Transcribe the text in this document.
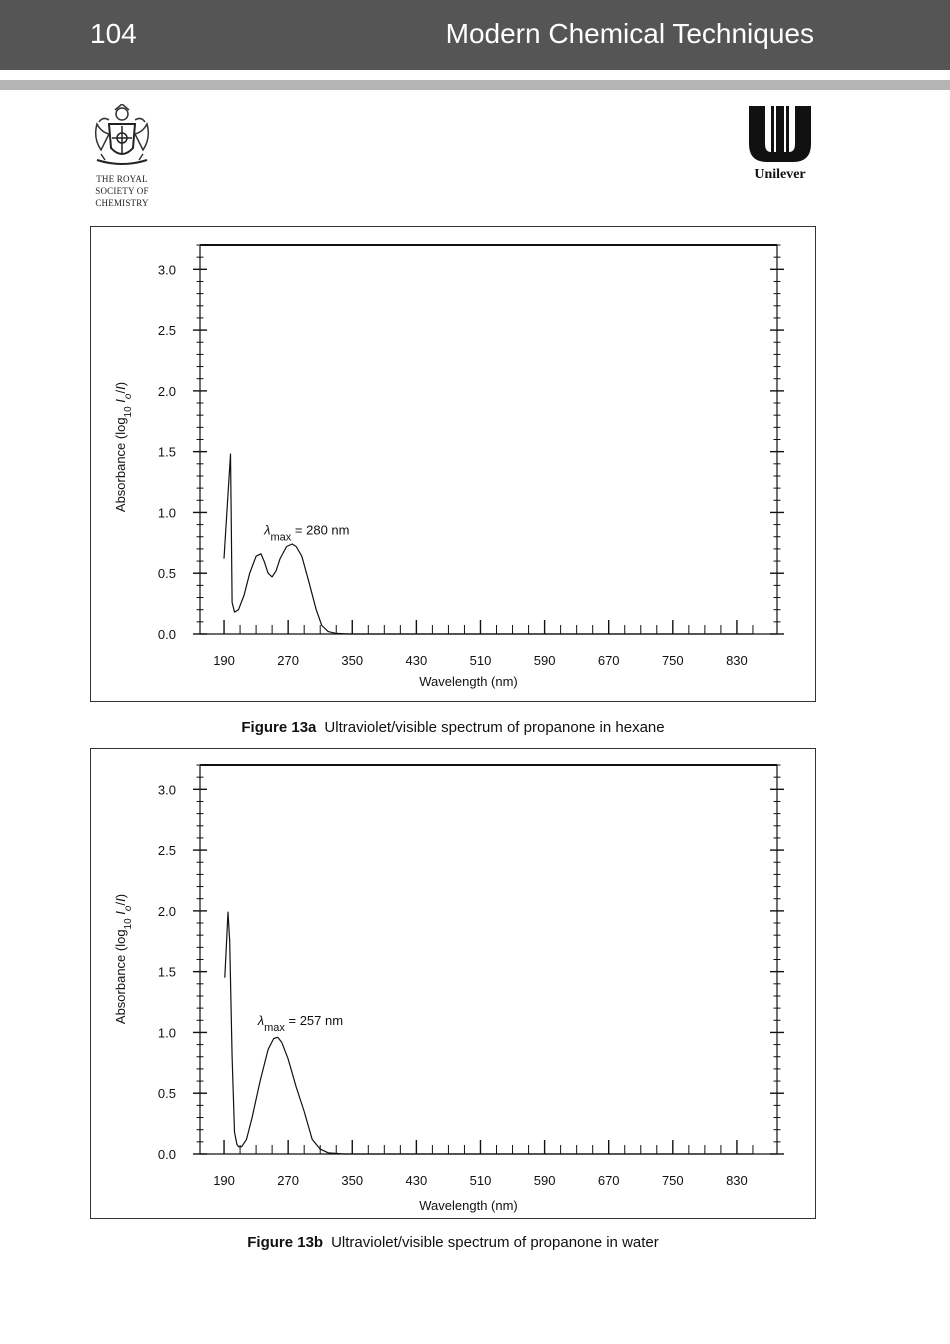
104	Modern Chemical Techniques
THE ROYAL
SOCIETY OF
CHEMISTRY
Unilever
0.0
0.5
1.0
1.5
2.0
2.5
3.0
190	270	350	430	510	590	670	750	830
Wavelength (nm)
Absorbance ($\log_{10}$ $I_o/I$)
$\lambda_{max} = 280$ nm
Figure 13a Ultraviolet/visible spectrum of propanone in hexane
0.0
0.5
1.0
1.5
2.0
2.5
3.0
190	270	350	430	510	590	670	750	830
Wavelength (nm)
Absorbance ($\log_{10}$ $I_o/I$)
$\lambda_{max} = 257$ nm
Figure 13b Ultraviolet/visible spectrum of propanone in water
